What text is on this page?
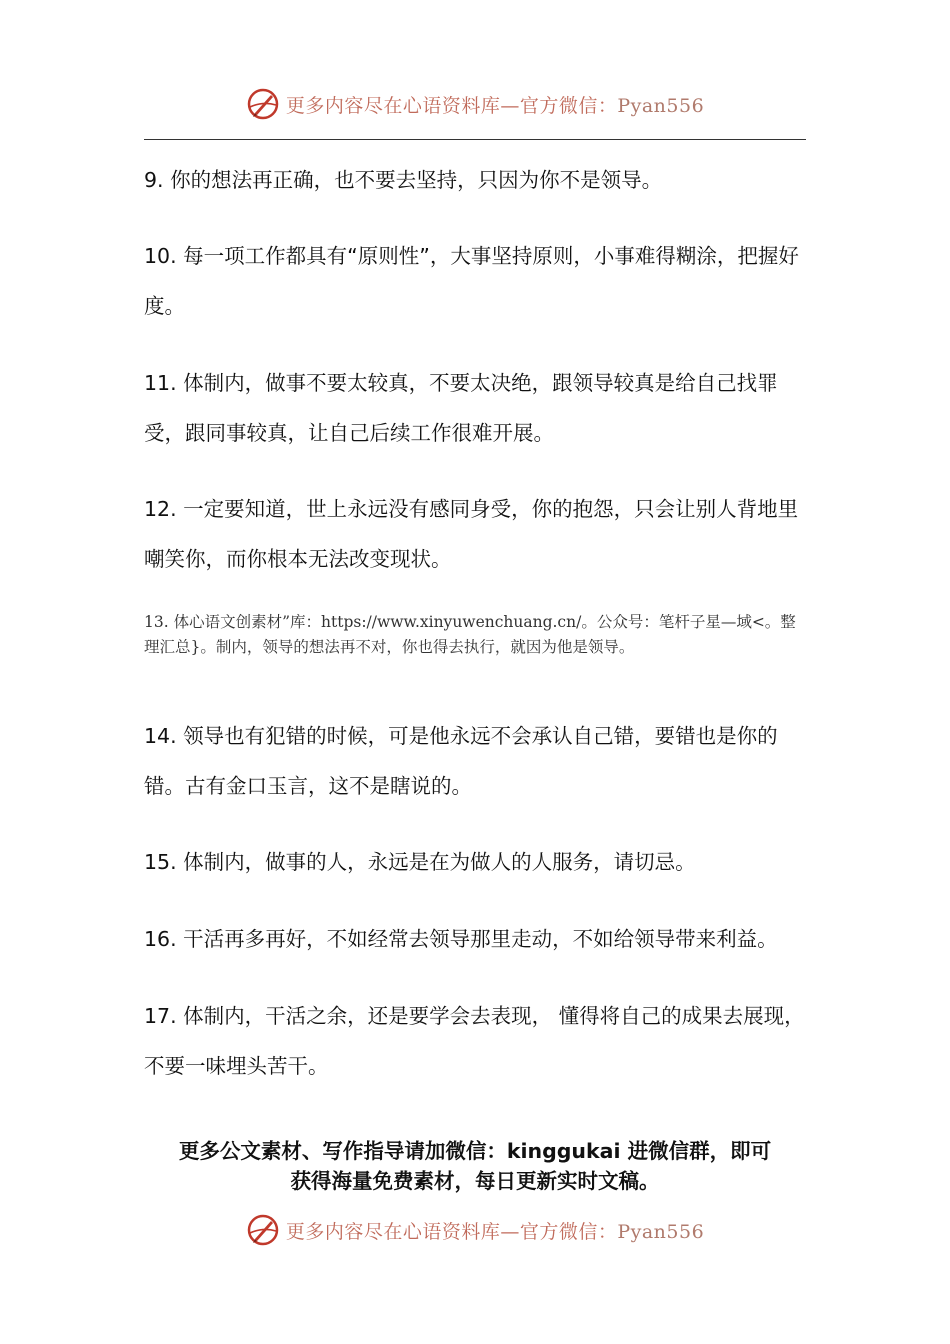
更多内容尽在心语资料库—官方微信：Pyan556

9. 你的想法再正确，也不要去坚持，只因为你不是领导。

10. 每一项工作都具有“原则性”，大事坚持原则，小事难得糊涂，把握好度。

11. 体制内，做事不要太较真，不要太决绝，跟领导较真是给自己找罪受，跟同事较真，让自己后续工作很难开展。

12. 一定要知道，世上永远没有感同身受，你的抱怨，只会让别人背地里嘲笑你，而你根本无法改变现状。

13. 体心语文创素材”库：https://www.xinyuwenchuang.cn/。公众号：笔杆子星—域<。整理汇总}。制内，领导的想法再不对，你也得去执行，就因为他是领导。

14. 领导也有犯错的时候，可是他永远不会承认自己错，要错也是你的错。古有金口玉言，这不是瞎说的。

15. 体制内，做事的人，永远是在为做人的人服务，请切忌。

16. 干活再多再好，不如经常去领导那里走动，不如给领导带来利益。

17. 体制内，干活之余，还是要学会去表现， 懂得将自己的成果去展现，不要一味埋头苦干。

更多公文素材、写作指导请加微信：kinggukai 进微信群，即可
获得海量免费素材，每日更新实时文稿。
更多内容尽在心语资料库—官方微信：Pyan556
